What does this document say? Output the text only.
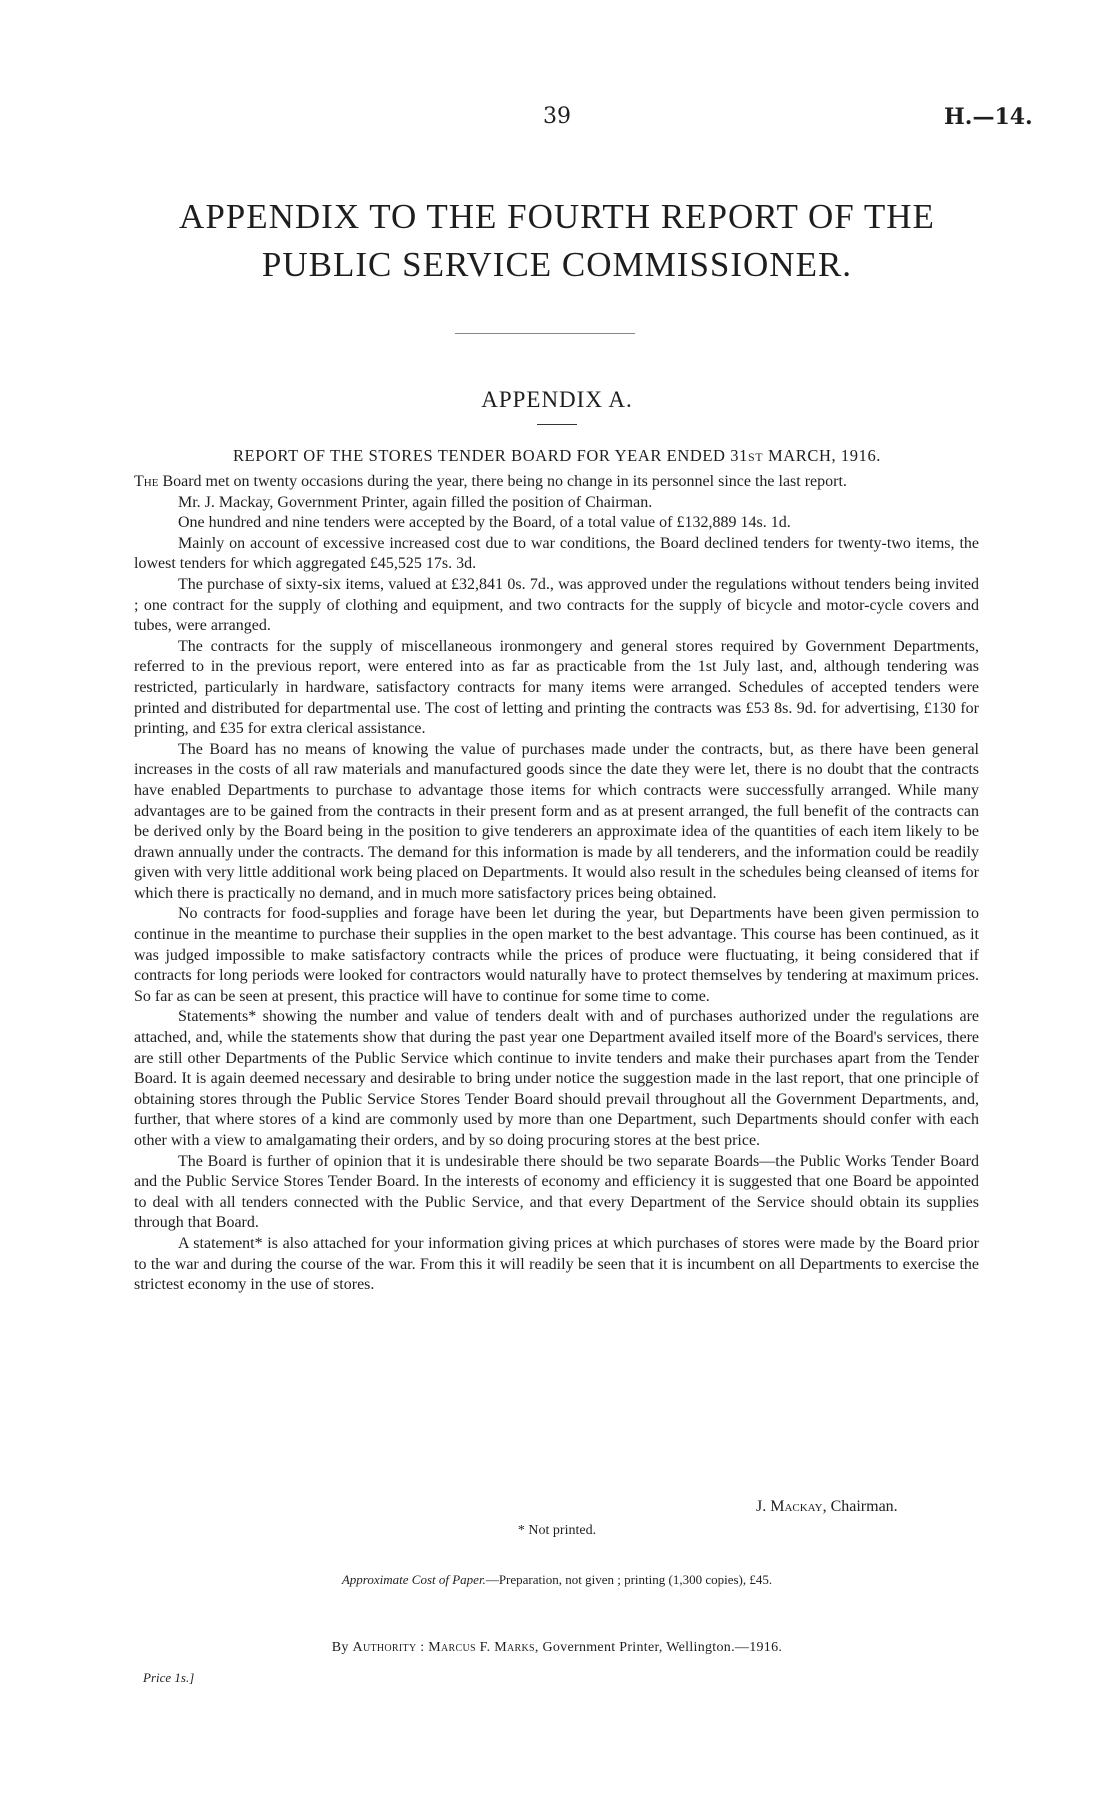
39	H.—14.
APPENDIX TO THE FOURTH REPORT OF THE
PUBLIC SERVICE COMMISSIONER.
APPENDIX A.
REPORT OF THE STORES TENDER BOARD FOR YEAR ENDED 31ST MARCH, 1916.

The Board met on twenty occasions during the year, there being no change in its personnel since the last report.

Mr. J. Mackay, Government Printer, again filled the position of Chairman.

One hundred and nine tenders were accepted by the Board, of a total value of £132,889 14s. 1d.

Mainly on account of excessive increased cost due to war conditions, the Board declined tenders for twenty-two items, the lowest tenders for which aggregated £45,525 17s. 3d.

The purchase of sixty-six items, valued at £32,841 0s. 7d., was approved under the regulations without tenders being invited ; one contract for the supply of clothing and equipment, and two contracts for the supply of bicycle and motor-cycle covers and tubes, were arranged.

The contracts for the supply of miscellaneous ironmongery and general stores required by Government Departments, referred to in the previous report, were entered into as far as practicable from the 1st July last, and, although tendering was restricted, particularly in hardware, satisfactory contracts for many items were arranged. Schedules of accepted tenders were printed and distributed for departmental use. The cost of letting and printing the contracts was £53 8s. 9d. for advertising, £130 for printing, and £35 for extra clerical assistance.

The Board has no means of knowing the value of purchases made under the contracts, but, as there have been general increases in the costs of all raw materials and manufactured goods since the date they were let, there is no doubt that the contracts have enabled Departments to purchase to advantage those items for which contracts were successfully arranged. While many advantages are to be gained from the contracts in their present form and as at present arranged, the full benefit of the contracts can be derived only by the Board being in the position to give tenderers an approximate idea of the quantities of each item likely to be drawn annually under the contracts. The demand for this information is made by all tenderers, and the information could be readily given with very little additional work being placed on Departments. It would also result in the schedules being cleansed of items for which there is practically no demand, and in much more satisfactory prices being obtained.

No contracts for food-supplies and forage have been let during the year, but Departments have been given permission to continue in the meantime to purchase their supplies in the open market to the best advantage. This course has been continued, as it was judged impossible to make satisfactory contracts while the prices of produce were fluctuating, it being considered that if contracts for long periods were looked for contractors would naturally have to protect themselves by tendering at maximum prices. So far as can be seen at present, this practice will have to continue for some time to come.

Statements* showing the number and value of tenders dealt with and of purchases authorized under the regulations are attached, and, while the statements show that during the past year one Department availed itself more of the Board's services, there are still other Departments of the Public Service which continue to invite tenders and make their purchases apart from the Tender Board. It is again deemed necessary and desirable to bring under notice the suggestion made in the last report, that one principle of obtaining stores through the Public Service Stores Tender Board should prevail throughout all the Government Departments, and, further, that where stores of a kind are commonly used by more than one Department, such Departments should confer with each other with a view to amalgamating their orders, and by so doing procuring stores at the best price.

The Board is further of opinion that it is undesirable there should be two separate Boards—the Public Works Tender Board and the Public Service Stores Tender Board. In the interests of economy and efficiency it is suggested that one Board be appointed to deal with all tenders connected with the Public Service, and that every Department of the Service should obtain its supplies through that Board.

A statement* is also attached for your information giving prices at which purchases of stores were made by the Board prior to the war and during the course of the war. From this it will readily be seen that it is incumbent on all Departments to exercise the strictest economy in the use of stores.

J. Mackay, Chairman.
* Not printed.
Approximate Cost of Paper.—Preparation, not given ; printing (1,300 copies), £45.
By Authority : Marcus F. Marks, Government Printer, Wellington.—1916.
Price 1s.]
